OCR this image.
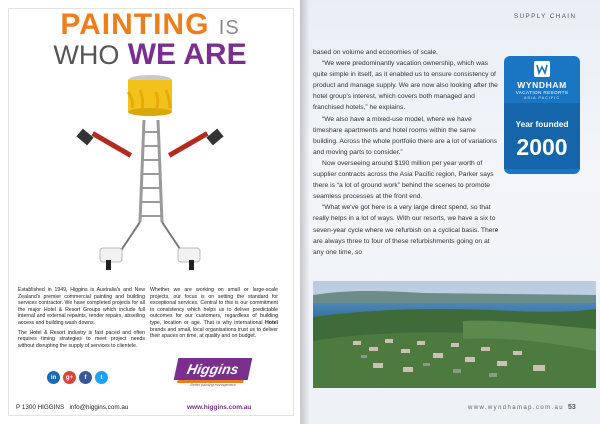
PAINTING IS
WHO WE ARE

Established in 1949, Higgins is Australia's and New Zealand's premier commercial painting and building services contractor. We have completed projects for all the major Hotel & Resort Groups which include full internal and external repaints, render repairs, abseiling access and building wash downs.

The Hotel & Resort industry is fast paced and often requires timing strategies to meet project needs without disrupting the supply of services to clientele.

Whether we are working on small or large-scale projects, our focus is on setting the standard for exceptional services. Central to this is our commitment to consistency which helps us to deliver predictable outcomes for our customers, regardless of building type, location or age. That is why international Hotel brands and small, local organisations trust us to deliver their spaces on time, at quality and on budget.

in g+ f t
Higgins
Better painting management
P 1300 HIGGINS info@higgins.com.au	www.higgins.com.au
SUPPLY CHAIN

based on volume and economies of scale.

“We were predominantly vacation ownership, which was quite simple in itself, as it enabled us to ensure consistency of product and manage supply. We are now also looking after the hotel group's interest, which covers both managed and franchised hotels,” he explains.

“We also have a mixed-use model, where we have timeshare apartments and hotel rooms within the same building. Across the whole portfolio there are a lot of variations and moving parts to consider.”

Now overseeing around $190 million per year worth of supplier contracts across the Asia Pacific region, Parker says there is “a lot of ground work” behind the scenes to promote seamless processes at the front end.

“What we've got here is a very large direct spend, so that really helps in a lot of ways. With our resorts, we have a six to seven-year cycle where we refurbish on a cyclical basis. There are always three to four of these refurbishments going on at any one time, so

WYNDHAM
VACATION RESORTS
ASIA PACIFIC
Year founded
2000
www.wyndhamap.com.au 53
